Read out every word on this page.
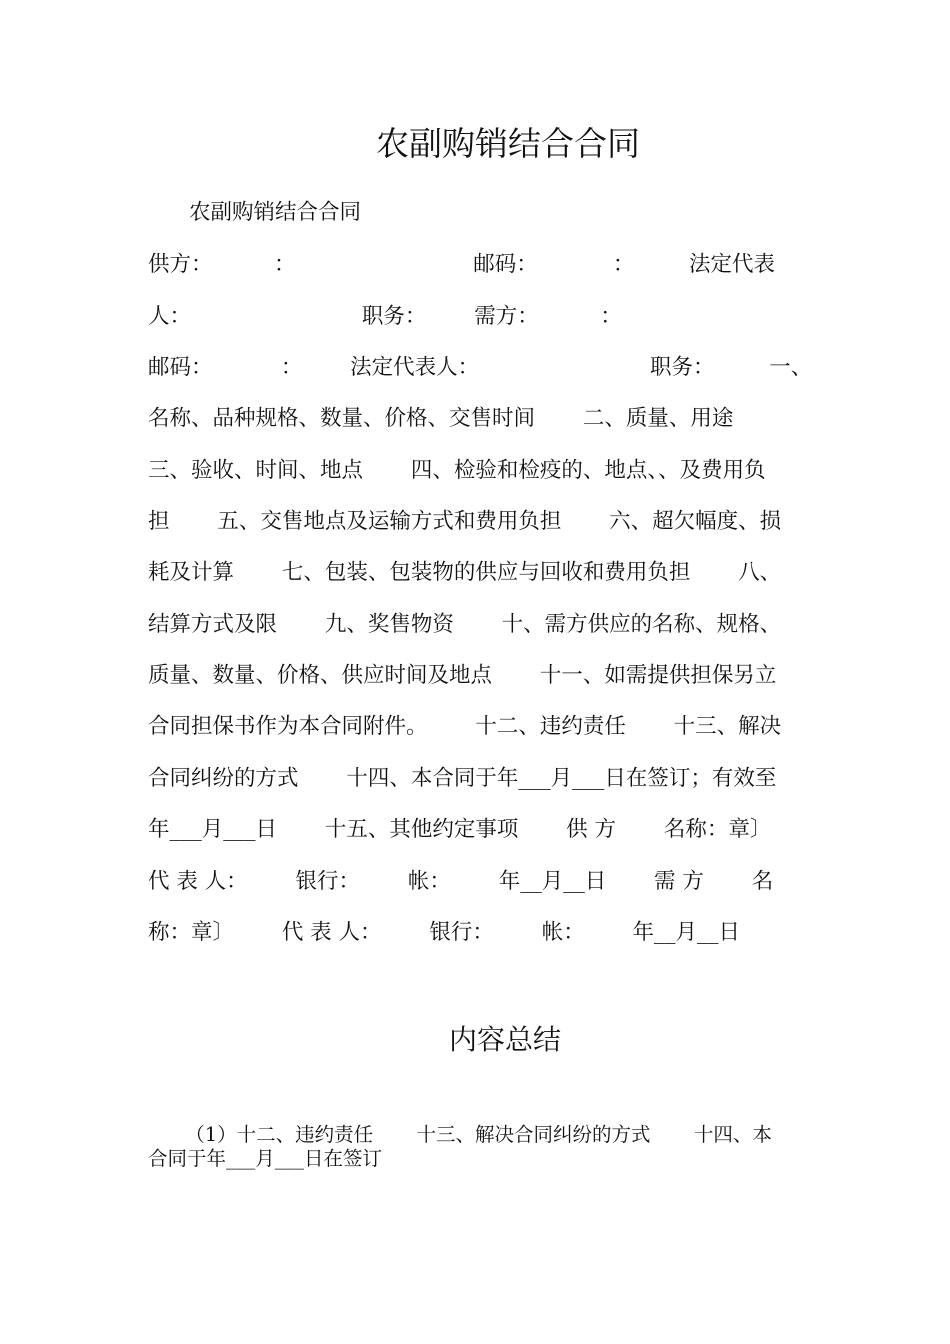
农副购销结合合同
农副购销结合合同
供方：         ：                          邮码：           ：        法定代表
人：                         职务：       需方：         ：
邮码：          ：       法定代表人：                         职务：        一、
名称、品种规格、数量、价格、交售时间       二、质量、用途
三、验收、时间、地点       四、检验和检疫的、地点、、及费用负
担       五、交售地点及运输方式和费用负担       六、超欠幅度、损
耗及计算       七、包装、包装物的供应与回收和费用负担       八、
结算方式及限       九、奖售物资       十、需方供应的名称、规格、
质量、数量、价格、供应时间及地点       十一、如需提供担保另立
合同担保书作为本合同附件。       十二、违约责任       十三、解决
合同纠纷的方式       十四、本合同于年___月___日在签订；有效至
年___月___日       十五、其他约定事项       供 方       名称：章〕
代 表 人：       银行：       帐：       年__月__日       需 方       名
称：章〕       代 表 人：       银行：       帐：       年__月__日
内容总结
（1）十二、违约责任       十三、解决合同纠纷的方式       十四、本
合同于年___月___日在签订
